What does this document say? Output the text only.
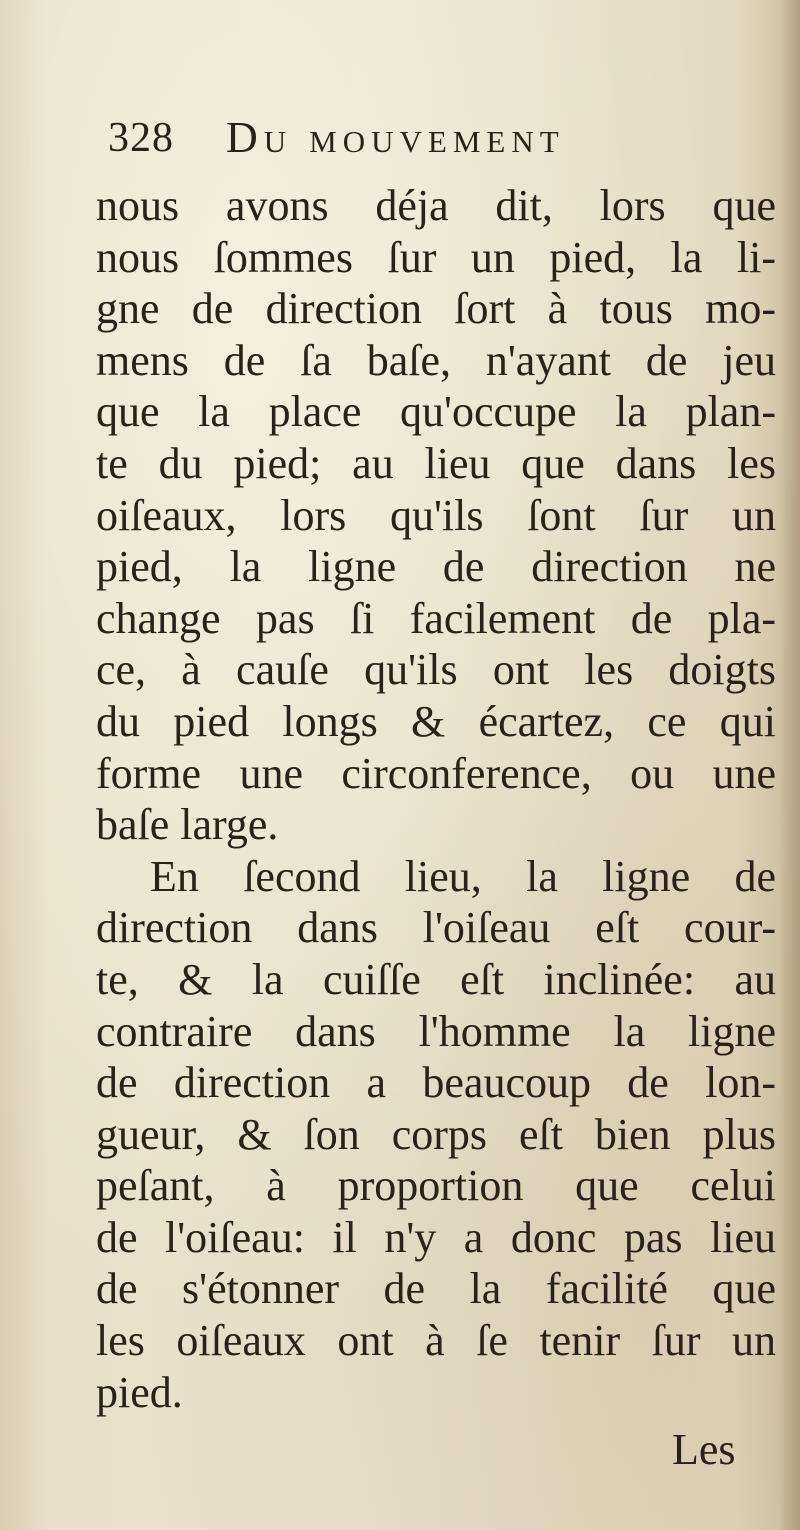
328 Du mouvement
nous avons déja dit, lors que
nous ſommes ſur un pied, la li-
gne de direction ſort à tous mo-
mens de ſa baſe, n'ayant de jeu
que la place qu'occupe la plan-
te du pied; au lieu que dans les
oiſeaux, lors qu'ils ſont ſur un
pied, la ligne de direction ne
change pas ſi facilement de pla-
ce, à cauſe qu'ils ont les doigts
du pied longs & écartez, ce qui
forme une circonference, ou une
baſe large.
En ſecond lieu, la ligne de
direction dans l'oiſeau eſt cour-
te, & la cuiſſe eſt inclinée: au
contraire dans l'homme la ligne
de direction a beaucoup de lon-
gueur, & ſon corps eſt bien plus
peſant, à proportion que celui
de l'oiſeau: il n'y a donc pas lieu
de s'étonner de la facilité que
les oiſeaux ont à ſe tenir ſur un
pied.
Les
